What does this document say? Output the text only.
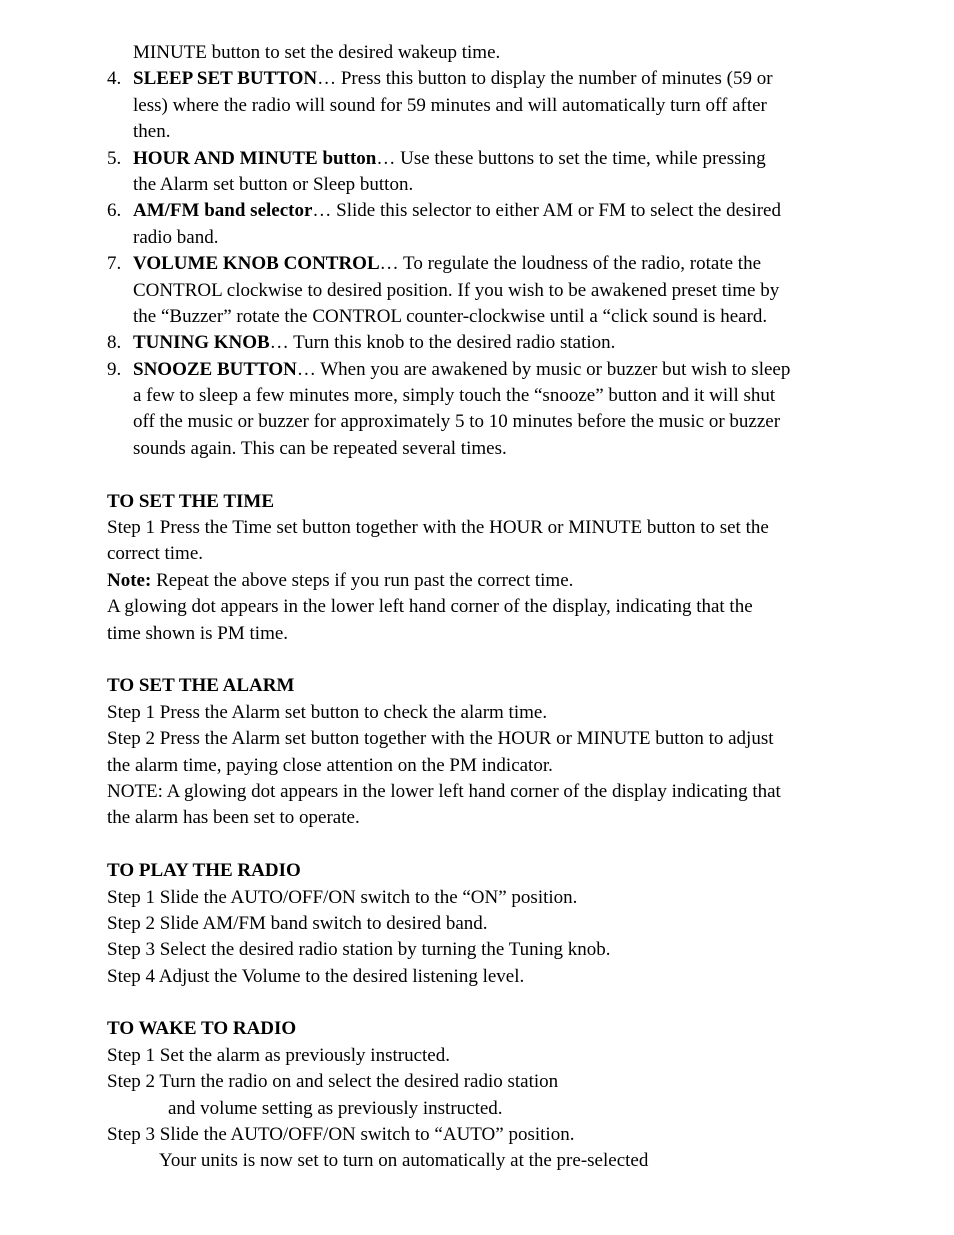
MINUTE button to set the desired wakeup time.
4. SLEEP SET BUTTON… Press this button to display the number of minutes (59 or
less) where the radio will sound for 59 minutes and will automatically turn off after
then.
5. HOUR AND MINUTE button… Use these buttons to set the time, while pressing
the Alarm set button or Sleep button.
6. AM/FM band selector… Slide this selector to either AM or FM to select the desired
radio band.
7. VOLUME KNOB CONTROL… To regulate the loudness of the radio, rotate the
CONTROL clockwise to desired position. If you wish to be awakened preset time by
the “Buzzer” rotate the CONTROL counter-clockwise until a “click sound is heard.
8. TUNING KNOB… Turn this knob to the desired radio station.
9. SNOOZE BUTTON… When you are awakened by music or buzzer but wish to sleep
a few to sleep a few minutes more, simply touch the “snooze” button and it will shut
off the music or buzzer for approximately 5 to 10 minutes before the music or buzzer
sounds again. This can be repeated several times.
TO SET THE TIME
Step 1 Press the Time set button together with the HOUR or MINUTE button to set the
correct time.
Note: Repeat the above steps if you run past the correct time.
A glowing dot appears in the lower left hand corner of the display, indicating that the
time shown is PM time.
TO SET THE ALARM
Step 1 Press the Alarm set button to check the alarm time.
Step 2 Press the Alarm set button together with the HOUR or MINUTE button to adjust
the alarm time, paying close attention on the PM indicator.
NOTE: A glowing dot appears in the lower left hand corner of the display indicating that
the alarm has been set to operate.
TO PLAY THE RADIO
Step 1 Slide the AUTO/OFF/ON switch to the “ON” position.
Step 2 Slide AM/FM band switch to desired band.
Step 3 Select the desired radio station by turning the Tuning knob.
Step 4 Adjust the Volume to the desired listening level.
TO WAKE TO RADIO
Step 1 Set the alarm as previously instructed.
Step 2 Turn the radio on and select the desired radio station
and volume setting as previously instructed.
Step 3 Slide the AUTO/OFF/ON switch to “AUTO” position.
Your units is now set to turn on automatically at the pre-selected
